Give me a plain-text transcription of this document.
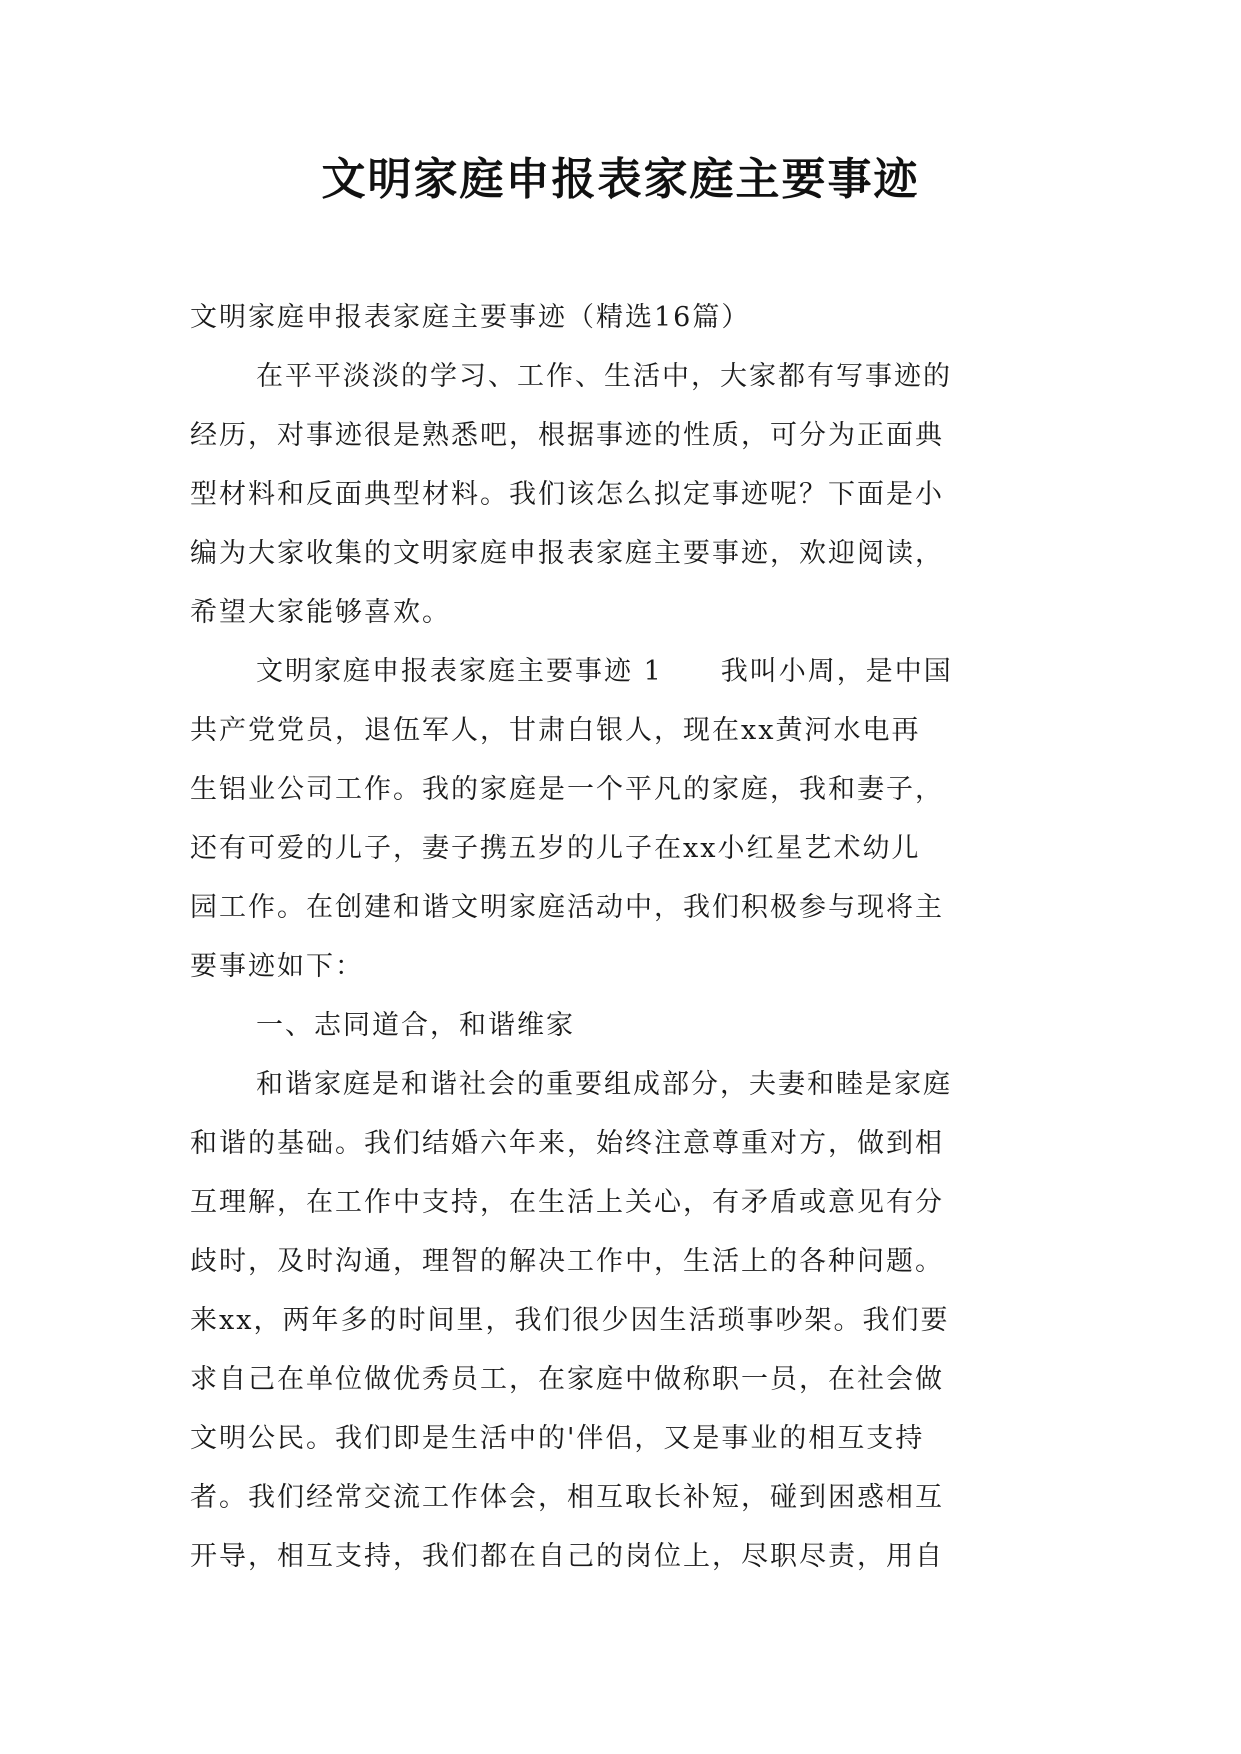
文明家庭申报表家庭主要事迹
文明家庭申报表家庭主要事迹（精选16篇）
在平平淡淡的学习、工作、生活中，大家都有写事迹的
经历，对事迹很是熟悉吧，根据事迹的性质，可分为正面典
型材料和反面典型材料。我们该怎么拟定事迹呢？下面是小
编为大家收集的文明家庭申报表家庭主要事迹，欢迎阅读，
希望大家能够喜欢。
文明家庭申报表家庭主要事迹 1　　我叫小周，是中国
共产党党员，退伍军人，甘肃白银人，现在xx黄河水电再
生铝业公司工作。我的家庭是一个平凡的家庭，我和妻子，
还有可爱的儿子，妻子携五岁的儿子在xx小红星艺术幼儿
园工作。在创建和谐文明家庭活动中，我们积极参与现将主
要事迹如下：
一、志同道合，和谐维家
和谐家庭是和谐社会的重要组成部分，夫妻和睦是家庭
和谐的基础。我们结婚六年来，始终注意尊重对方，做到相
互理解，在工作中支持，在生活上关心，有矛盾或意见有分
歧时，及时沟通，理智的解决工作中，生活上的各种问题。
来xx，两年多的时间里，我们很少因生活琐事吵架。我们要
求自己在单位做优秀员工，在家庭中做称职一员，在社会做
文明公民。我们即是生活中的'伴侣，又是事业的相互支持
者。我们经常交流工作体会，相互取长补短，碰到困惑相互
开导，相互支持，我们都在自己的岗位上，尽职尽责，用自
